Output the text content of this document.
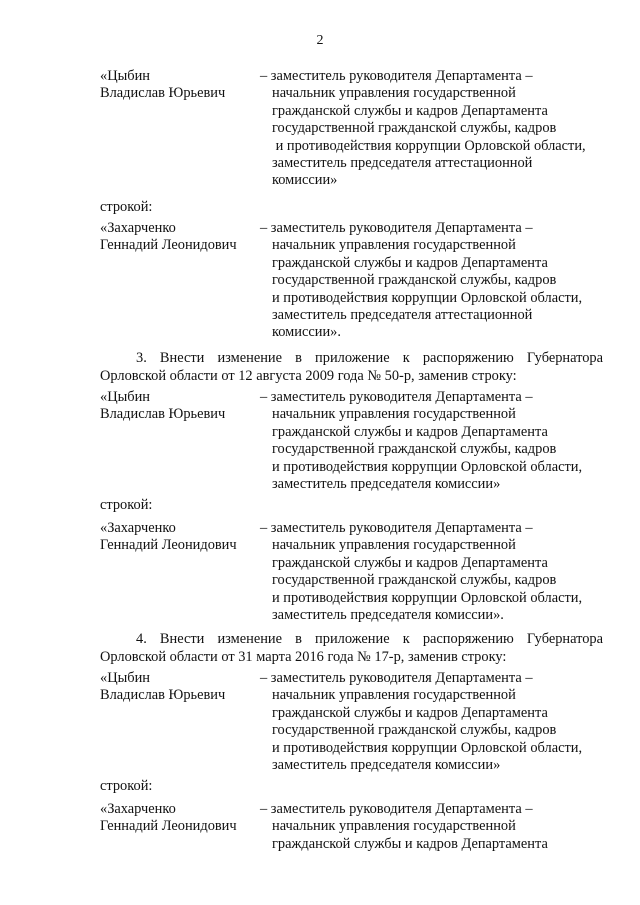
2
«Цыбин
Владислав Юрьевич
– заместитель руководителя Департамента –
начальник управления государственной
гражданской службы и кадров Департамента
государственной гражданской службы, кадров
и противодействия коррупции Орловской области,
заместитель председателя аттестационной
комиссии»
строкой:
«Захарченко
Геннадий Леонидович
– заместитель руководителя Департамента –
начальник управления государственной
гражданской службы и кадров Департамента
государственной гражданской службы, кадров
и противодействия коррупции Орловской области,
заместитель председателя аттестационной
комиссии».
3. Внести изменение в приложение к распоряжению Губернатора
Орловской области от 12 августа 2009 года № 50-р, заменив строку:
«Цыбин
Владислав Юрьевич
– заместитель руководителя Департамента –
начальник управления государственной
гражданской службы и кадров Департамента
государственной гражданской службы, кадров
и противодействия коррупции Орловской области,
заместитель председателя комиссии»
строкой:
«Захарченко
Геннадий Леонидович
– заместитель руководителя Департамента –
начальник управления государственной
гражданской службы и кадров Департамента
государственной гражданской службы, кадров
и противодействия коррупции Орловской области,
заместитель председателя комиссии».
4. Внести изменение в приложение к распоряжению Губернатора
Орловской области от 31 марта 2016 года № 17-р, заменив строку:
«Цыбин
Владислав Юрьевич
– заместитель руководителя Департамента –
начальник управления государственной
гражданской службы и кадров Департамента
государственной гражданской службы, кадров
и противодействия коррупции Орловской области,
заместитель председателя комиссии»
строкой:
«Захарченко
Геннадий Леонидович
– заместитель руководителя Департамента –
начальник управления государственной
гражданской службы и кадров Департамента
